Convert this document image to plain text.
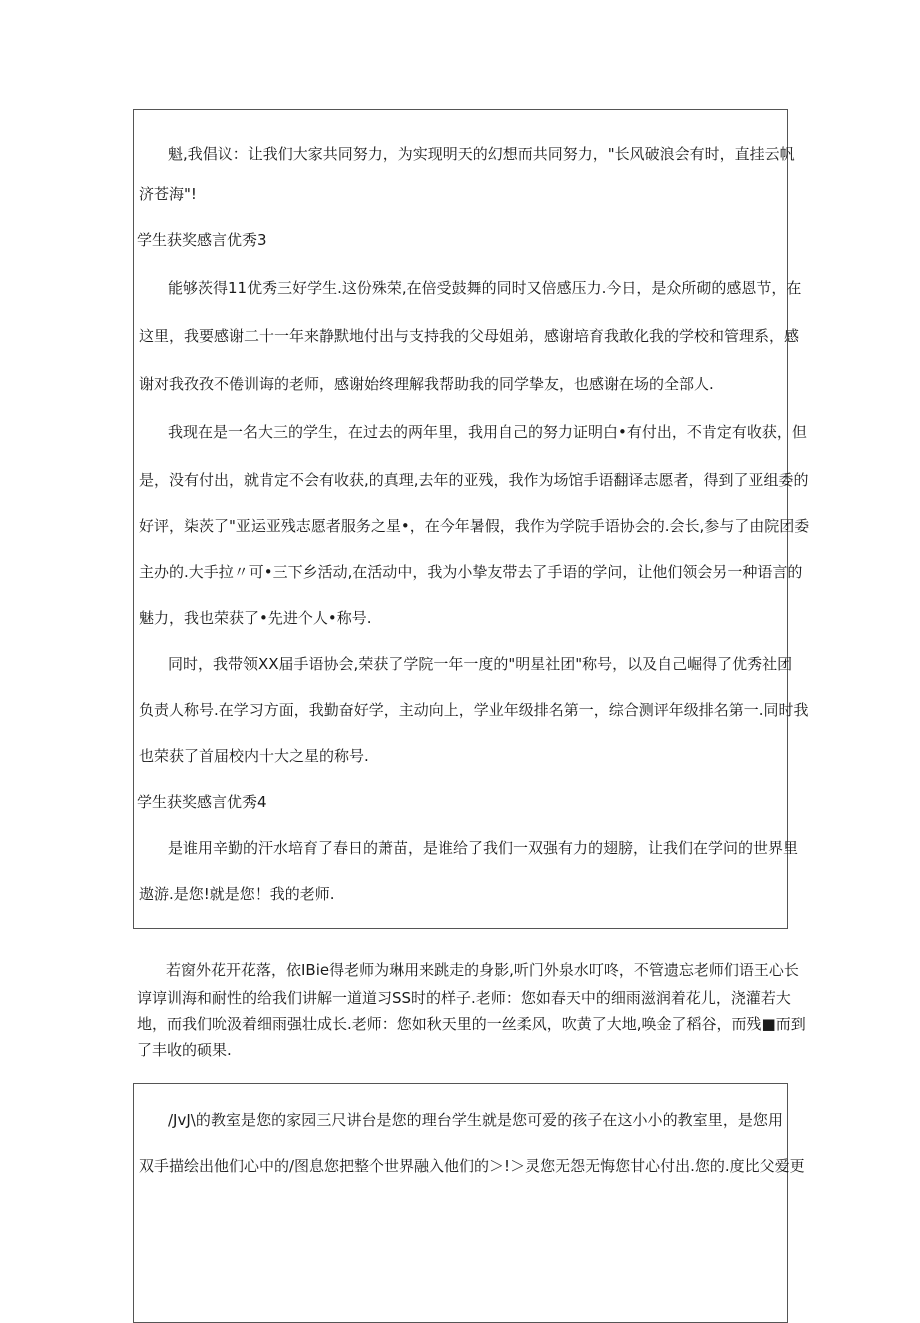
魁,我倡议：让我们大家共同努力，为实现明天的幻想而共同努力，"长风破浪会有时，直挂云帆
济苍海"!
学生获奖感言优秀3
能够茨得11优秀三好学生.这份殊荣,在倍受鼓舞的同时又倍感压力.今日，是众所砌的感恩节，在
这里，我要感谢二十一年来静默地付出与支持我的父母姐弟，感谢培育我敢化我的学校和管理系，感
谢对我孜孜不倦训诲的老师，感谢始终理解我帮助我的同学挚友，也感谢在场的全部人.
我现在是一名大三的学生，在过去的两年里，我用自己的努力证明白•有付出，不肯定有收获，但
是，没有付出，就肯定不会有收获,的真理,去年的亚残，我作为场馆手语翻译志愿者，得到了亚组委的
好评，柒茨了"亚运亚残志愿者服务之星•，在今年暑假，我作为学院手语协会的.会长,参与了由院团委
主办的.大手拉〃可•三下乡活动,在活动中，我为小挚友带去了手语的学问，让他们领会另一种语言的
魅力，我也荣获了•先进个人•称号.
同时，我带领XX届手语协会,荣获了学院一年一度的"明星社团"称号，以及自己崛得了优秀社团
负责人称号.在学习方面，我勤奋好学，主动向上，学业年级排名第一，综合测评年级排名第一.同时我
也荣获了首届校内十大之星的称号.
学生获奖感言优秀4
是谁用辛勤的汗水培育了春日的萧苗，是谁给了我们一双强有力的翅膀，让我们在学问的世界里
遨游.是您!就是您！我的老师.
若窗外花开花落，依IBie得老师为琳用来跳走的身影,听门外泉水叮咚，不管遗忘老师们语王心长
谆谆训海和耐性的给我们讲解一道道习SS时的样子.老师：您如春天中的细雨滋润着花儿，浇灌若大
地，而我们吮汲着细雨强壮成长.老师：您如秋天里的一丝柔风，吹黄了大地,唤金了稻谷，而残■而到
了丰收的硕果.
/JvJ\的教室是您的家园三尺讲台是您的理台学生就是您可爱的孩子在这小小的教室里，是您用
双手描绘出他们心中的/图息您把整个世界融入他们的＞!＞灵您无怨无悔您甘心付出.您的.度比父爱更
